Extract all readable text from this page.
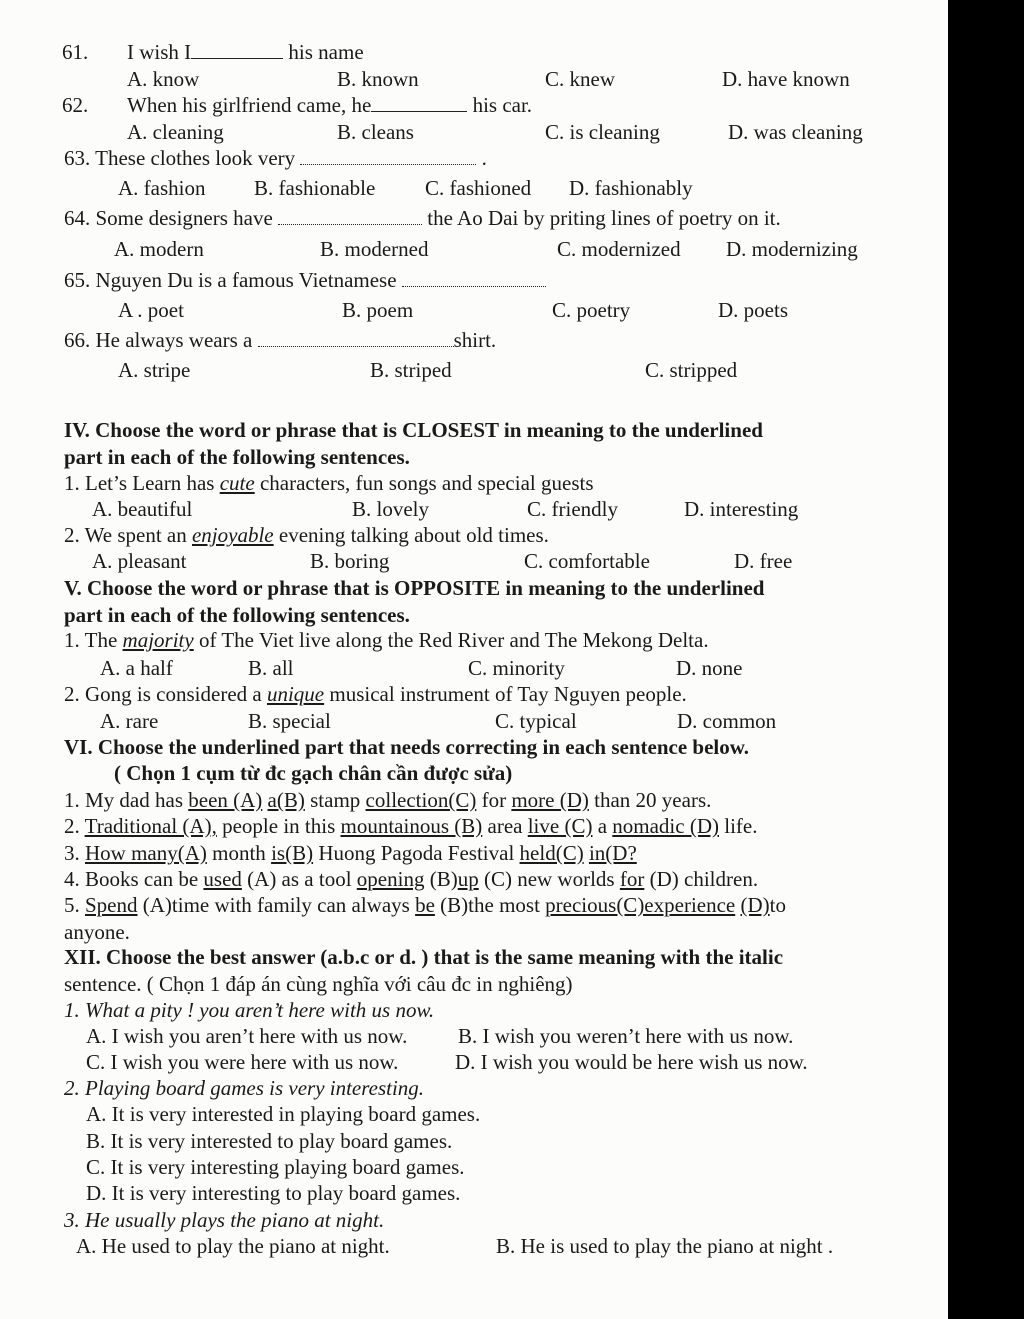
61. I wish I	his name
A. know	B. known	C. knew	D. have known
62. When his girlfriend came, he	his car.
A. cleaning	B. cleans	C. is cleaning	D. was cleaning
63. These clothes look very	.
A. fashion B. fashionable C. fashioned D. fashionably
64. Some designers have	the Ao Dai by priting lines of poetry on it.
A. modern	B. moderned	C. modernized D. modernizing
65. Nguyen Du is a famous Vietnamese
A . poet	B. poem	C. poetry	D. poets
66. He always wears a	shirt.
A. stripe	B. striped	C. stripped
IV. Choose the word or phrase that is CLOSEST in meaning to the underlined
part in each of the following sentences.
1. Let’s Learn has cute characters, fun songs and special guests
A. beautiful	B. lovely	C. friendly	D. interesting
2. We spent an enjoyable evening talking about old times.
A. pleasant	B. boring	C. comfortable	D. free
V. Choose the word or phrase that is OPPOSITE in meaning to the underlined
part in each of the following sentences.
1. The majority of The Viet live along the Red River and The Mekong Delta.
A. a half	B. all	C. minority	D. none
2. Gong is considered a unique musical instrument of Tay Nguyen people.
A. rare	B. special	C. typical	D. common
VI. Choose the underlined part that needs correcting in each sentence below.
( Chọn 1 cụm từ đc gạch chân cần được sửa)
1. My dad has been (A) a(B) stamp collection(C) for more (D) than 20 years.
2. Traditional (A), people in this mountainous (B) area live (C) a nomadic (D) life.
3. How many(A) month is(B) Huong Pagoda Festival held(C) in(D?
4. Books can be used (A) as a tool opening (B)up (C) new worlds for (D) children.
5. Spend (A)time with family can always be (B)the most precious(C)experience (D)to
anyone.
XII. Choose the best answer (a.b.c or d. ) that is the same meaning with the italic
sentence. ( Chọn 1 đáp án cùng nghĩa với câu đc in nghiêng)
1. What a pity ! you aren’t here with us now.
A. I wish you aren’t here with us now. B. I wish you weren’t here with us now.
C. I wish you were here with us now.	D. I wish you would be here wish us now.
2. Playing board games is very interesting.
A. It is very interested in playing board games.
B. It is very interested to play board games.
C. It is very interesting playing board games.
D. It is very interesting to play board games.
3. He usually plays the piano at night.
A. He used to play the piano at night.	B. He is used to play the piano at night .
